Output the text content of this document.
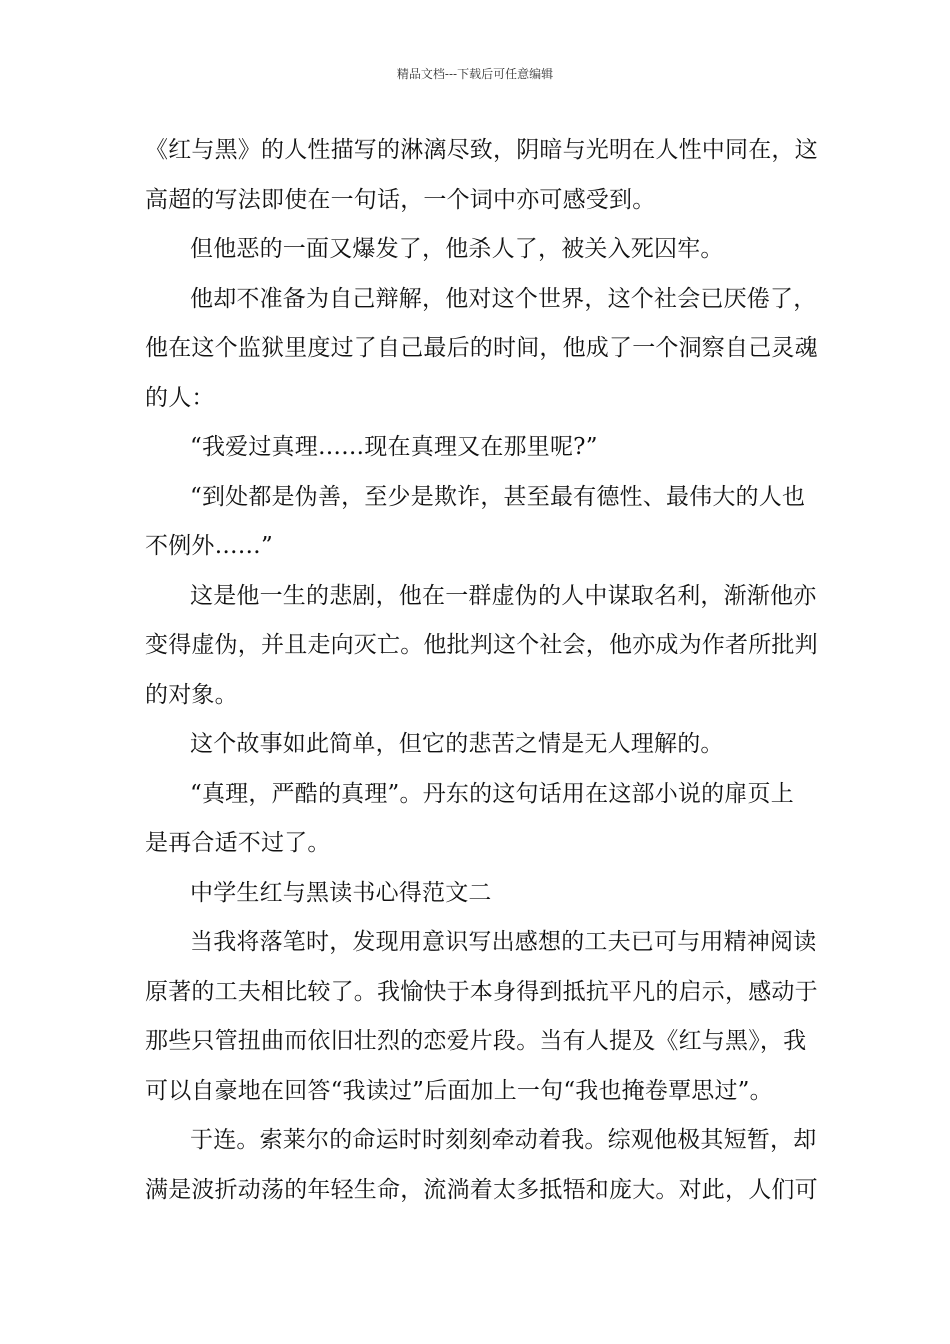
精品文档---下载后可任意编辑

《红与黑》的人性描写的淋漓尽致，阴暗与光明在人性中同在，这
高超的写法即使在一句话，一个词中亦可感受到。

但他恶的一面又爆发了，他杀人了，被关入死囚牢。

他却不准备为自己辩解，他对这个世界，这个社会已厌倦了，
他在这个监狱里度过了自己最后的时间，他成了一个洞察自己灵魂
的人：

“我爱过真理……现在真理又在那里呢?”

“到处都是伪善，至少是欺诈，甚至最有德性、最伟大的人也
不例外……”

这是他一生的悲剧，他在一群虚伪的人中谋取名利，渐渐他亦
变得虚伪，并且走向灭亡。他批判这个社会，他亦成为作者所批判
的对象。

这个故事如此简单，但它的悲苦之情是无人理解的。

“真理，严酷的真理”。丹东的这句话用在这部小说的扉页上
是再合适不过了。

中学生红与黑读书心得范文二

当我将落笔时，发现用意识写出感想的工夫已可与用精神阅读
原著的工夫相比较了。我愉快于本身得到抵抗平凡的启示，感动于
那些只管扭曲而依旧壮烈的恋爱片段。当有人提及《红与黑》，我
可以自豪地在回答“我读过”后面加上一句“我也掩卷覃思过”。

于连。索莱尔的命运时时刻刻牵动着我。综观他极其短暂，却
满是波折动荡的年轻生命，流淌着太多抵牾和庞大。对此，人们可
